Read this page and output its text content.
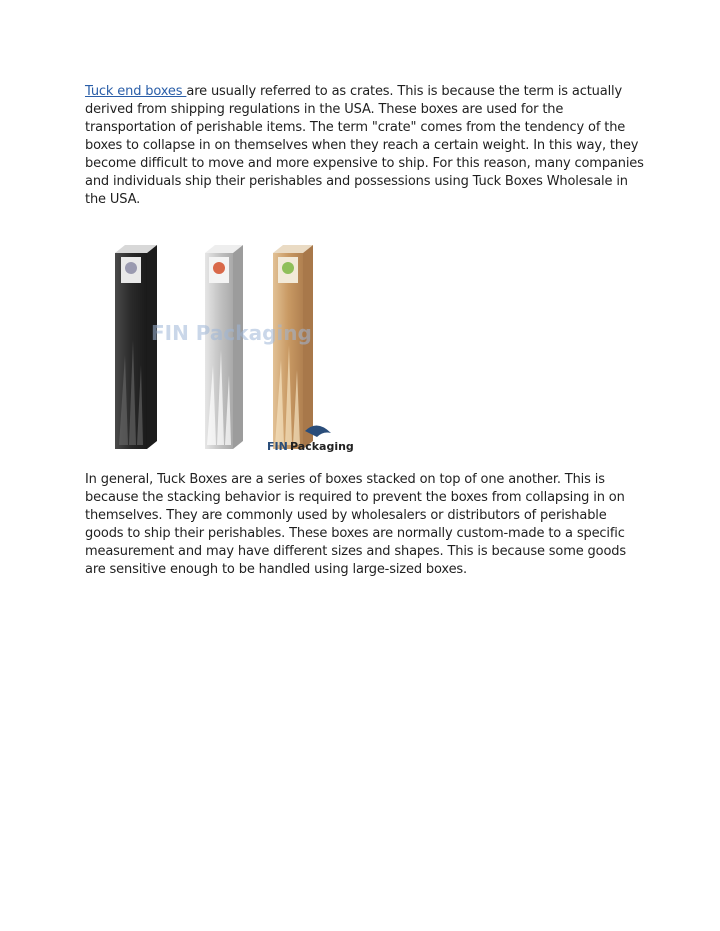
Tuck end boxes are usually referred to as crates. This is because the term is actually derived from shipping regulations in the USA. These boxes are used for the transportation of perishable items. The term "crate" comes from the tendency of the boxes to collapse in on themselves when they reach a certain weight. In this way, they become difficult to move and more expensive to ship. For this reason, many companies and individuals ship their perishables and possessions using Tuck Boxes Wholesale in the USA.

FIN Packaging
FIN Packaging

In general, Tuck Boxes are a series of boxes stacked on top of one another. This is because the stacking behavior is required to prevent the boxes from collapsing in on themselves. They are commonly used by wholesalers or distributors of perishable goods to ship their perishables. These boxes are normally custom-made to a specific measurement and may have different sizes and shapes. This is because some goods are sensitive enough to be handled using large-sized boxes.
